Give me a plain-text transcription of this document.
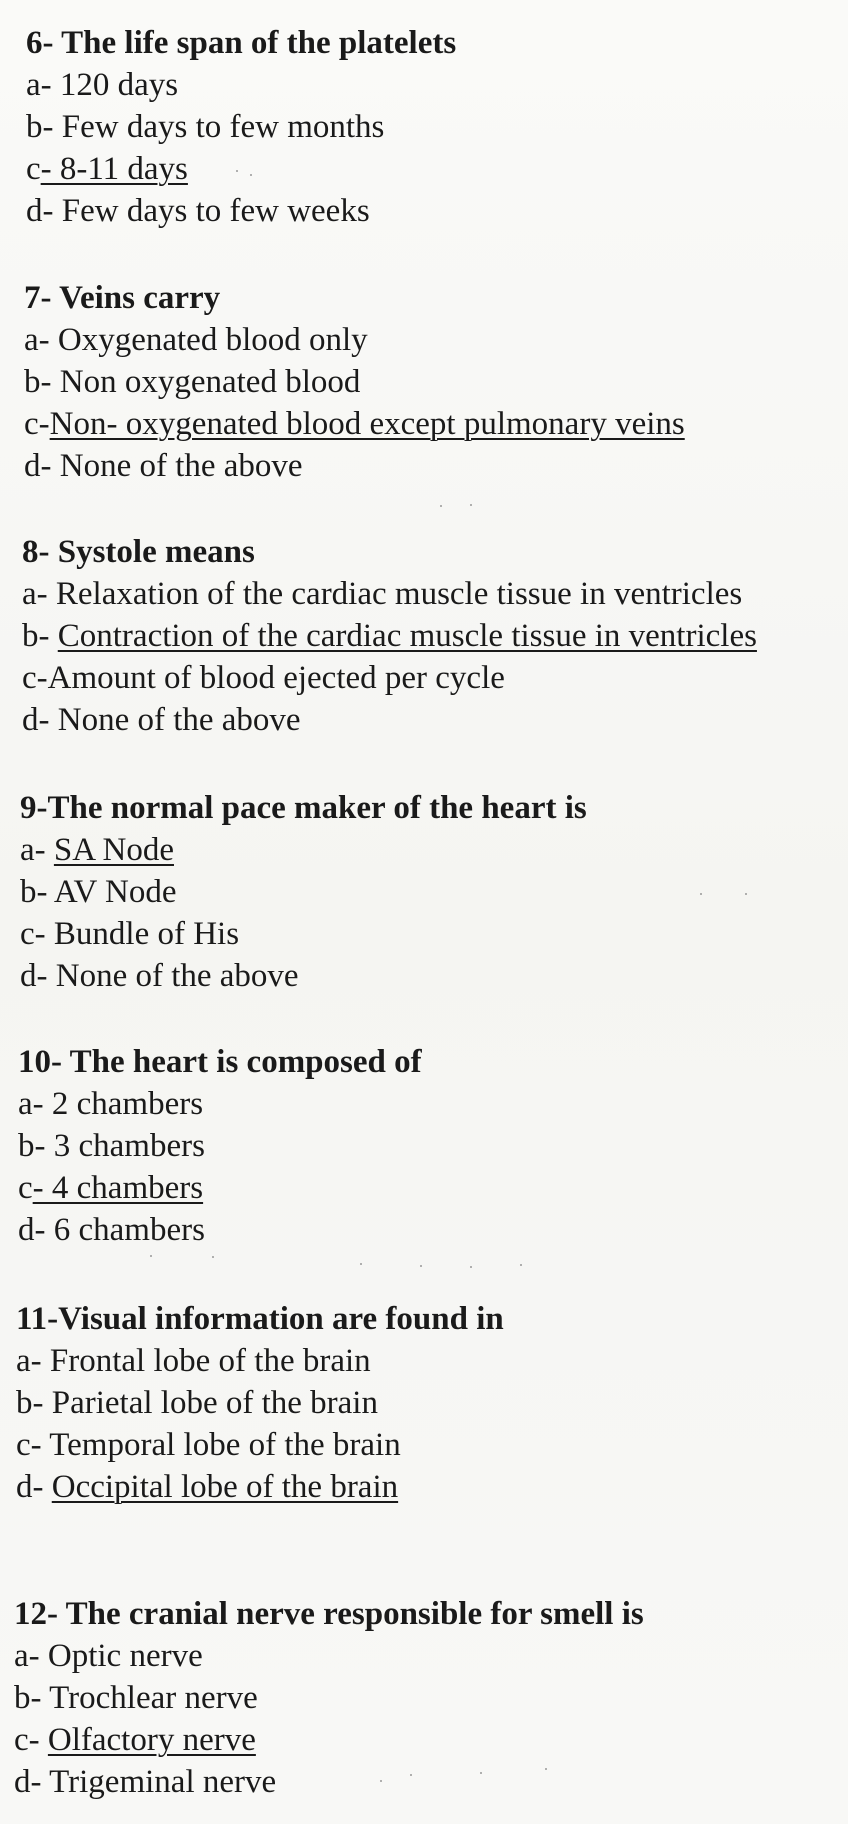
6- The life span of the platelets
a- 120 days
b- Few days to few months
c- 8-11 days
d- Few days to few weeks
7- Veins carry
a- Oxygenated blood only
b- Non oxygenated blood
c-Non- oxygenated blood except pulmonary veins
d- None of the above
8- Systole means
a- Relaxation of the cardiac muscle tissue in ventricles
b- Contraction of the cardiac muscle tissue in ventricles
c-Amount of blood ejected per cycle
d- None of the above
9-The normal pace maker of the heart is
a- SA Node
b- AV Node
c- Bundle of His
d- None of the above
10- The heart is composed of
a- 2 chambers
b- 3 chambers
c- 4 chambers
d- 6 chambers
11-Visual information are found in
a- Frontal lobe of the brain
b- Parietal lobe of the brain
c- Temporal lobe of the brain
d- Occipital lobe of the brain
12- The cranial nerve responsible for smell is
a- Optic nerve
b- Trochlear nerve
c- Olfactory nerve
d- Trigeminal nerve
